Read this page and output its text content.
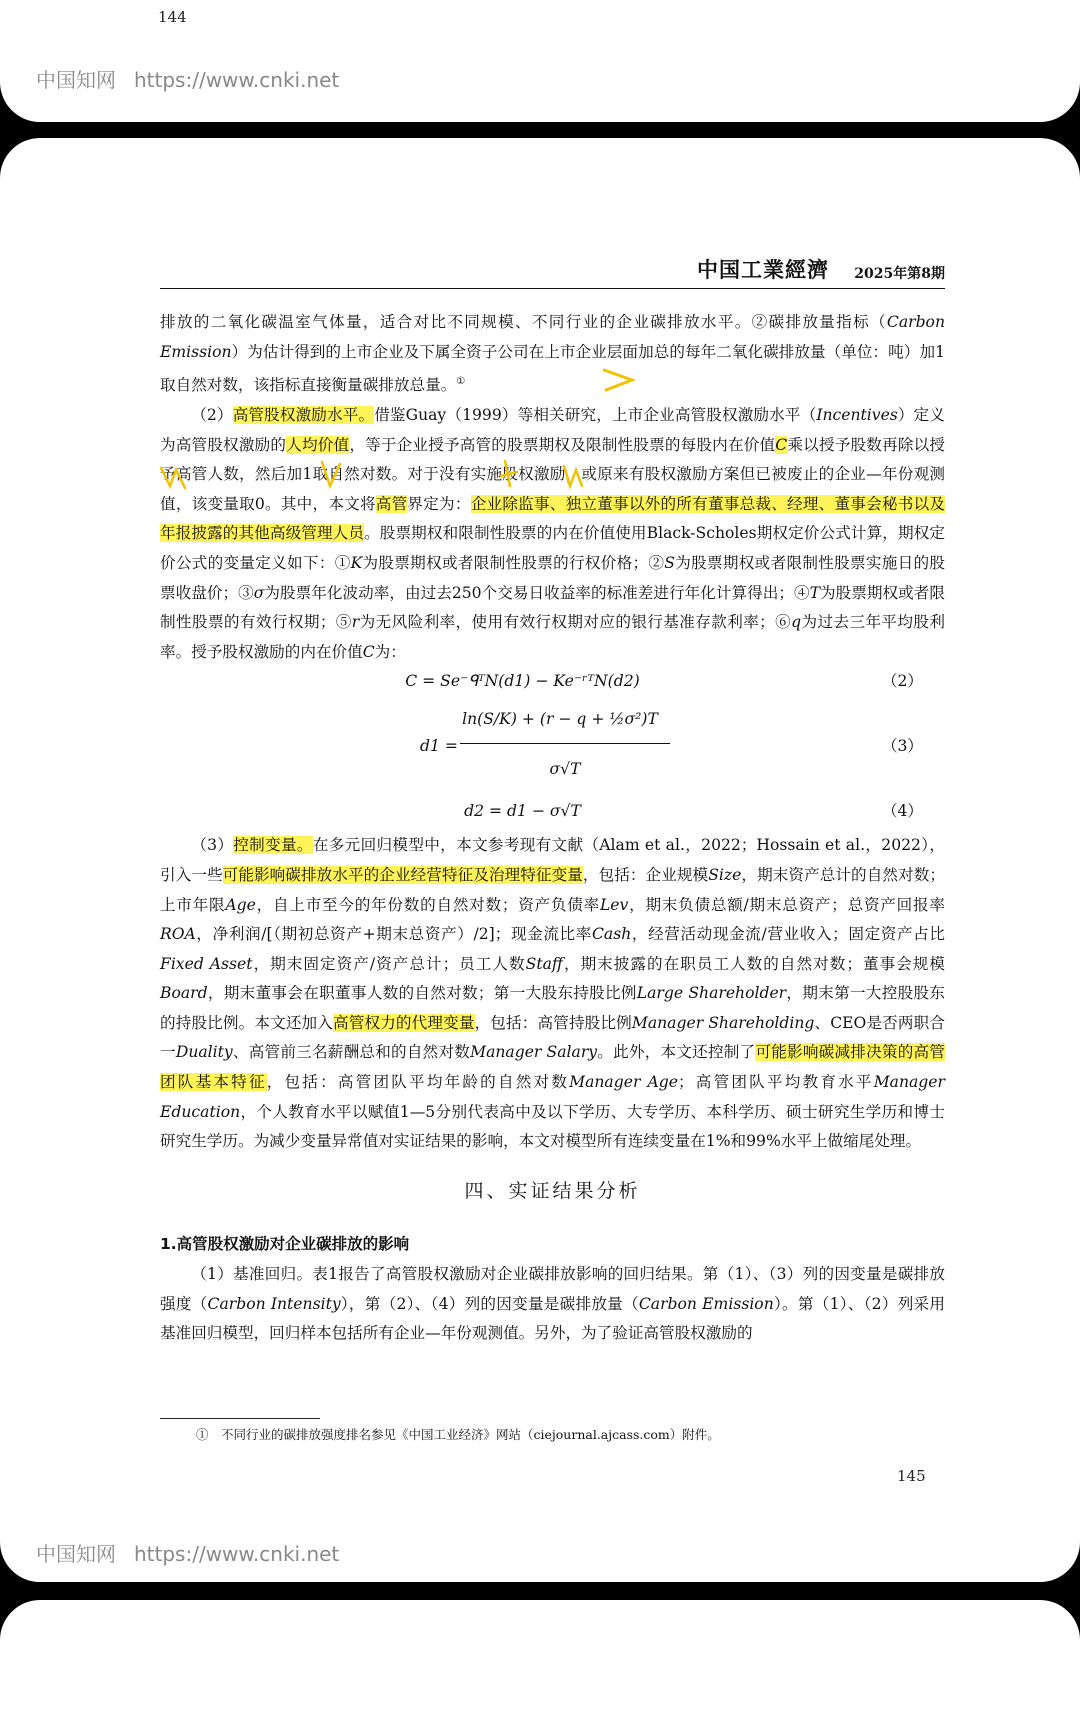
144
中国知网 https://www.cnki.net
中国工業經濟 2025年第8期

排放的二氧化碳温室气体量，适合对比不同规模、不同行业的企业碳排放水平。②碳排放量指标（Carbon Emission）为估计得到的上市企业及下属全资子公司在上市企业层面加总的每年二氧化碳排放量（单位：吨）加1取自然对数，该指标直接衡量碳排放总量。①

（2）高管股权激励水平。借鉴Guay（1999）等相关研究，上市企业高管股权激励水平（Incentives）定义为高管股权激励的人均价值，等于企业授予高管的股票期权及限制性股票的每股内在价值C乘以授予股数再除以授予高管人数，然后加1取自然对数。对于没有实施股权激励，或原来有股权激励方案但已被废止的企业—年份观测值，该变量取0。其中，本文将高管界定为：企业除监事、独立董事以外的所有董事总裁、经理、董事会秘书以及年报披露的其他高级管理人员。股票期权和限制性股票的内在价值使用Black-Scholes期权定价公式计算，期权定价公式的变量定义如下：①K为股票期权或者限制性股票的行权价格；②S为股票期权或者限制性股票实施日的股票收盘价；③σ为股票年化波动率，由过去250个交易日收益率的标准差进行年化计算得出；④T为股票期权或者限制性股票的有效行权期；⑤r为无风险利率，使用有效行权期对应的银行基准存款利率；⑥q为过去三年平均股利率。授予股权激励的内在价值C为：

C = Se⁻ᑫᵀN(d1) − Ke⁻ʳᵀN(d2)	（2）
d1 =
ln(S/K) + (r − q + ½σ²)T
σ√T
（3）
d2 = d1 − σ√T	（4）

（3）控制变量。在多元回归模型中，本文参考现有文献（Alam et al.，2022；Hossain et al.，2022），引入一些可能影响碳排放水平的企业经营特征及治理特征变量，包括：企业规模Size，期末资产总计的自然对数；上市年限Age，自上市至今的年份数的自然对数；资产负债率Lev，期末负债总额/期末总资产；总资产回报率ROA，净利润/[（期初总资产+期末总资产）/2]；现金流比率Cash，经营活动现金流/营业收入；固定资产占比Fixed Asset，期末固定资产/资产总计；员工人数Staff，期末披露的在职员工人数的自然对数；董事会规模Board，期末董事会在职董事人数的自然对数；第一大股东持股比例Large Shareholder，期末第一大控股股东的持股比例。本文还加入高管权力的代理变量，包括：高管持股比例Manager Shareholding、CEO是否两职合一Duality、高管前三名薪酬总和的自然对数Manager Salary。此外，本文还控制了可能影响碳减排决策的高管团队基本特征，包括：高管团队平均年龄的自然对数Manager Age；高管团队平均教育水平Manager Education，个人教育水平以赋值1—5分别代表高中及以下学历、大专学历、本科学历、硕士研究生学历和博士研究生学历。为减少变量异常值对实证结果的影响，本文对模型所有连续变量在1%和99%水平上做缩尾处理。

四、实证结果分析

1.高管股权激励对企业碳排放的影响

（1）基准回归。表1报告了高管股权激励对企业碳排放影响的回归结果。第（1）、（3）列的因变量是碳排放强度（Carbon Intensity），第（2）、（4）列的因变量是碳排放量（Carbon Emission）。第（1）、（2）列采用基准回归模型，回归样本包括所有企业—年份观测值。另外，为了验证高管股权激励的

①　不同行业的碳排放强度排名参见《中国工业经济》网站（ciejournal.ajcass.com）附件。
145
中国知网 https://www.cnki.net
